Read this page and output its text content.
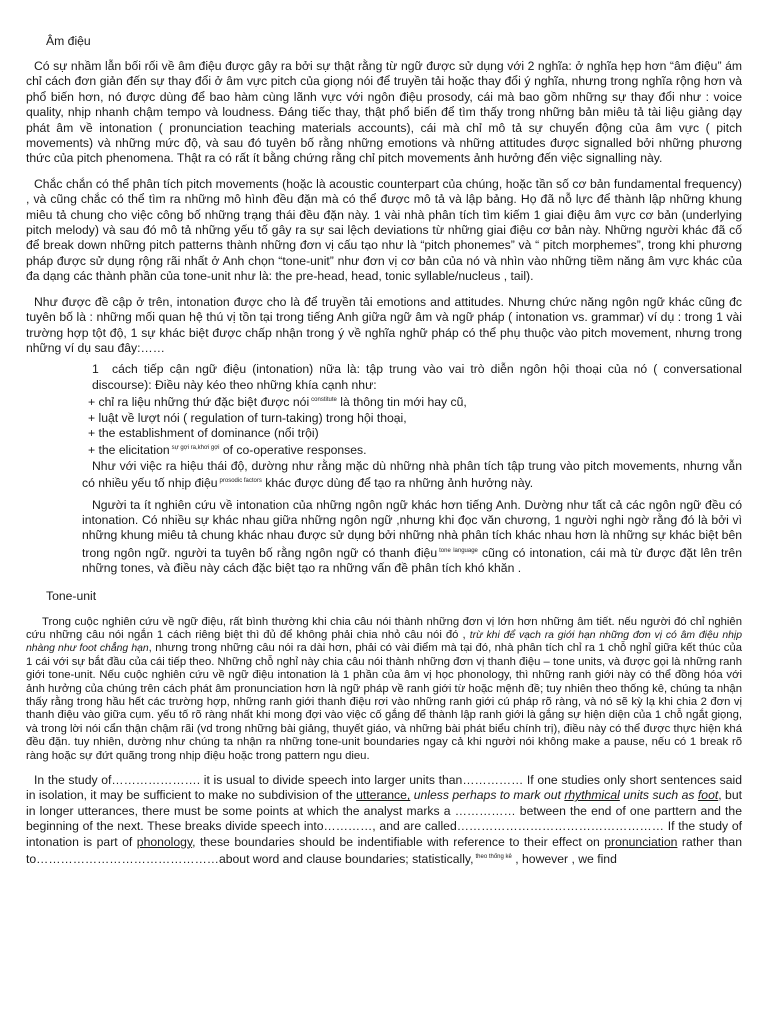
Âm điệu

Có sự nhầm lẫn bối rối về âm điệu được gây ra bởi sự thật rằng từ ngữ được sử dụng với 2 nghĩa: ở nghĩa hẹp hơn “âm điệu” ám chỉ cách đơn giản đến sự thay đổi ở âm vực pitch của giọng nói để truyền tải hoặc thay đổi ý nghĩa, nhưng trong nghĩa rộng hơn và phổ biến hơn, nó được dùng để bao hàm cùng lãnh vực với ngôn điệu prosody, cái mà bao gồm những sự thay đổi như : voice quality, nhịp nhanh chậm tempo và loudness. Đáng tiếc thay, thật phổ biến để tìm thấy trong những bản miêu tả tài liệu giảng dạy phát âm về intonation ( pronunciation teaching materials accounts), cái mà chỉ mô tả sự chuyển động của âm vực ( pitch movements) và những mức độ, và sau đó tuyên bố rằng những emotions và những attitudes được signalled bởi những phương thức của pitch phenomena. Thật ra có rất ít bằng chứng rằng chỉ pitch movements ảnh hưởng đến việc signalling này.

Chắc chắn có thể phân tích pitch movements (hoặc là acoustic counterpart của chúng, hoặc tần số cơ bản fundamental frequency) , và cũng chắc có thể tìm ra những mô hình đều đặn mà có thể được mô tả và lập bảng. Họ đã nỗ lực để thành lập những khung miêu tả chung cho việc công bố những trạng thái đều đặn này. 1 vài nhà phân tích tìm kiếm 1 giai điệu âm vực cơ bản (underlying pitch melody) và sau đó mô tả những yếu tố gây ra sự sai lệch deviations từ những giai điệu cơ bản này. Những người khác đã cố để break down những pitch patterns thành những đơn vị cấu tạo như là “pitch phonemes” và “ pitch morphemes”, trong khi phương pháp được sử dụng rộng rãi nhất ở Anh chọn “tone-unit” như đơn vị cơ bản của nó và nhìn vào những tiềm năng âm vực khác của đa dạng các thành phần của tone-unit như là: the pre-head, head, tonic syllable/nucleus , tail).

Như được đề cập ở trên, intonation được cho là để truyền tải emotions and attitudes. Nhưng chức năng ngôn ngữ khác cũng đc tuyên bố là : những mối quan hệ thú vị tồn tại trong tiếng Anh giữa ngữ âm và ngữ pháp ( intonation vs. grammar) ví dụ : trong 1 vài trường hợp tột độ, 1 sự khác biệt được chấp nhận trong ý về nghĩa nghữ pháp có thể phụ thuộc vào pitch movement, nhưng trong những ví dụ sau đây:……

1 cách tiếp cận ngữ điệu (intonation) nữa là: tập trung vào vai trò diễn ngôn hội thoại của nó ( conversational discourse): Điều này kéo theo những khía cạnh như:

+ chỉ ra liệu những thứ đặc biệt được nói $^{constitute}$ là thông tin mới hay cũ,

+ luật về lượt nói ( regulation of turn-taking) trong hội thoại,

+ the establishment of dominance (nổi trội)

+ the elicitation $^{sự gợi ra,khơi gợi}$ of co-operative responses.

Như với việc ra hiệu thái độ, dường như rằng mặc dù những nhà phân tích tập trung vào pitch movements, nhưng vẫn có nhiều yếu tố nhịp điệu $^{prosodic factors}$ khác được dùng để tạo ra những ảnh hưởng này.

Người ta ít nghiên cứu về intonation của những ngôn ngữ khác hơn tiếng Anh. Dường như tất cả các ngôn ngữ đều có intonation. Có nhiều sự khác nhau giữa những ngôn ngữ ,nhưng khi đọc văn chương, 1 người nghi ngờ rằng đó là bởi vì những khung miêu tả chung khác nhau được sử dụng bởi những nhà phân tích khác nhau hơn là những sự khác biệt bên trong ngôn ngữ. người ta tuyên bố rằng ngôn ngữ có thanh điệu $^{tone language}$ cũng có intonation, cái mà từ được đặt lên trên những tones, và điều này cách đặc biệt tạo ra những vấn đề phân tích khó khăn .

Tone-unit

Trong cuộc nghiên cứu về ngữ điệu, rất bình thường khi chia câu nói thành những đơn vị lớn hơn những âm tiết. nếu người đó chỉ nghiên cứu những câu nói ngắn 1 cách riêng biệt thì đủ để không phải chia nhỏ câu nói đó , trừ khi để vạch ra giới hạn những đơn vị có âm điệu nhịp nhàng như foot chẳng hạn, nhưng trong những câu nói ra dài hơn, phải có vài điểm mà tại đó, nhà phân tích chỉ ra 1 chỗ nghỉ giữa kết thúc của 1 cái với sự bắt đầu của cái tiếp theo. Những chỗ nghỉ này chia câu nói thành những đơn vị thanh điệu – tone units, và được gọi là những ranh giới tone-unit. Nếu cuộc nghiên cứu về ngữ điệu intonation là 1 phần của âm vị học phonology, thì những ranh giới này có thể đồng hóa với ảnh hưởng của chúng trên cách phát âm pronunciation hơn là ngữ pháp về ranh giới từ hoặc mệnh đề; tuy nhiên theo thống kê, chúng ta nhận thấy rằng trong hầu hết các trường hợp, những ranh giới thanh điệu rơi vào những ranh giới cú pháp rõ ràng, và nó sẽ kỳ lạ khi chia 2 đơn vị thanh điệu vào giữa cụm. yếu tố rõ ràng nhất khi mong đợi vào việc cố gắng để thành lập ranh giới là gắng sự hiện diện của 1 chỗ ngắt giọng, và trong lời nói cẩn thận chậm rãi (vd trong những bài giảng, thuyết giáo, và những bài phát biểu chính trị), điều này có thể được thực hiện khá đều đặn. tuy nhiên, dường như chúng ta nhận ra những tone-unit boundaries ngay cả khi người nói không make a pause, nếu có 1 break rõ ràng hoặc sự đứt quãng trong nhịp điệu hoặc trong pattern ngu dieu.

In the study of…………………. it is usual to divide speech into larger units than…………… If one studies only short sentences said in isolation, it may be sufficient to make no subdivision of the utterance, unless perhaps to mark out rhythmical units such as foot, but in longer utterances, there must be some points at which the analyst marks a …………… between the end of one parttern and the beginning of the next. These breaks divide speech into…………, and are called…………………………………………… If the study of intonation is part of phonology, these boundaries should be indentifiable with reference to their effect on pronunciation rather than to………………………………………about word and clause boundaries; statistically, $^{theo thống kê}$ , however , we find
